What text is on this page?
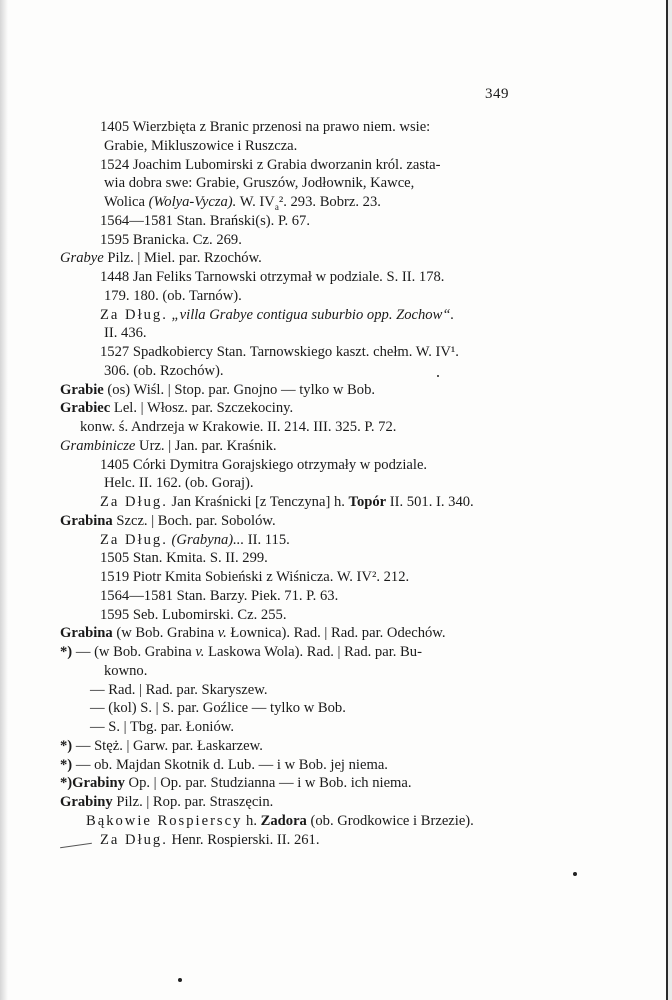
349
1405 Wierzbięta z Branic przenosi na prawo niem. wsie:
Grabie, Mikluszowice i Ruszcza.
1524 Joachim Lubomirski z Grabia dworzanin król. zasta-
wia dobra swe: Grabie, Gruszów, Jodłownik, Kawce,
Wolica (Wolya-Vycza). W. $IV_a^2$. 293. Bobrz. 23.
1564—1581 Stan. Brański(s). P. 67.
1595 Branicka. Cz. 269.
Grabye Pilz. | Miel. par. Rzochów.
1448 Jan Feliks Tarnowski otrzymał w podziale. S. II. 178.
179. 180. (ob. Tarnów).
Za Dług. „villa Grabye contigua suburbio opp. Zochow“.
II. 436.
1527 Spadkobiercy Stan. Tarnowskiego kaszt. chełm. W. IV¹.
306. (ob. Rzochów).
Grabie (os) Wiśl. | Stop. par. Gnojno — tylko w Bob.
Grabiec Lel. | Włosz. par. Szczekociny.
konw. ś. Andrzeja w Krakowie. II. 214. III. 325. P. 72.
Grambinicze Urz. | Jan. par. Kraśnik.
1405 Córki Dymitra Gorajskiego otrzymały w podziale.
Helc. II. 162. (ob. Goraj).
Za Dług. Jan Kraśnicki [z Tenczyna] h. Topór II. 501. I. 340.
Grabina Szcz. | Boch. par. Sobolów.
Za Dług. (Grabyna)... II. 115.
1505 Stan. Kmita. S. II. 299.
1519 Piotr Kmita Sobieński z Wiśnicza. W. IV². 212.
1564—1581 Stan. Barzy. Piek. 71. P. 63.
1595 Seb. Lubomirski. Cz. 255.
Grabina (w Bob. Grabina v. Łownica). Rad. | Rad. par. Odechów.
*) — (w Bob. Grabina v. Laskowa Wola). Rad. | Rad. par. Bu-
kowno.
— Rad. | Rad. par. Skaryszew.
— (kol) S. | S. par. Goźlice — tylko w Bob.
— S. | Tbg. par. Łoniów.
*) — Stęż. | Garw. par. Łaskarzew.
*) — ob. Majdan Skotnik d. Lub. — i w Bob. jej niema.
*)Grabiny Op. | Op. par. Studzianna — i w Bob. ich niema.
Grabiny Pilz. | Rop. par. Straszęcin.
Bąkowie Rospierscy h. Zadora (ob. Grodkowice i Brzezie).
Za Dług. Henr. Rospierski. II. 261.
